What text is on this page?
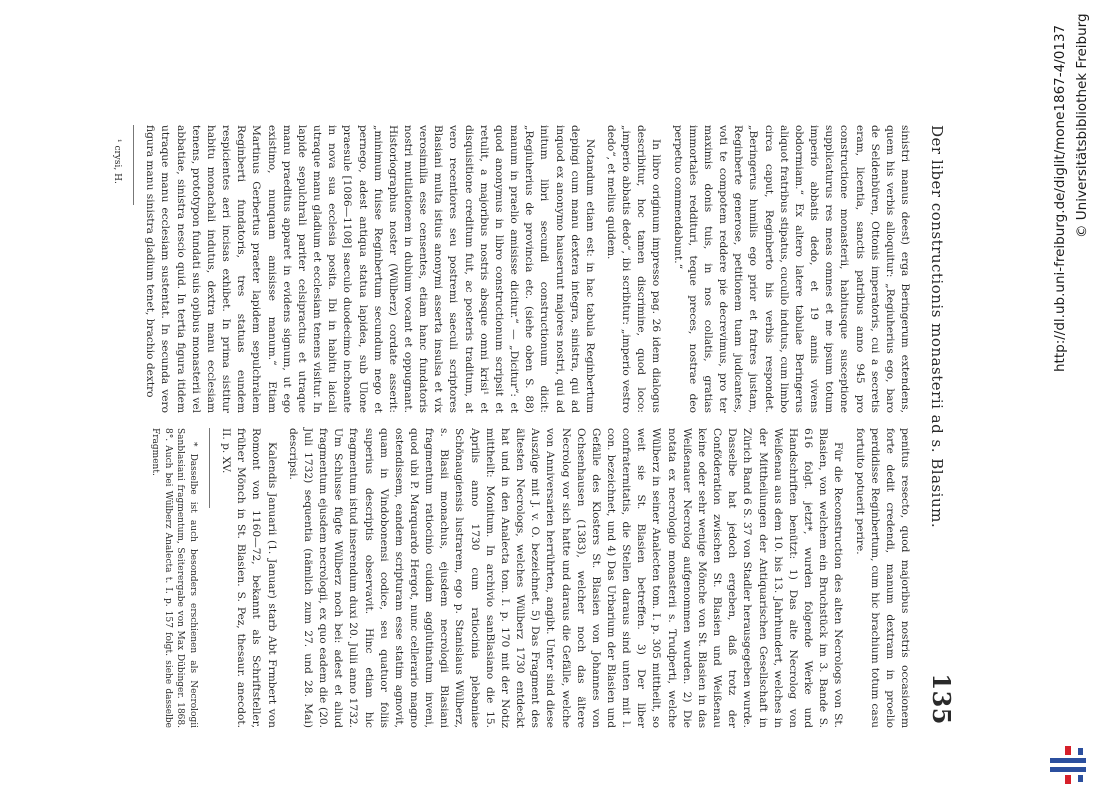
Der liber constructionis monasterii ad s. Blasium.
135

sinistri manus deest) erga Beringerum extendens, quem his verbis alloquitur: „Regiuherius ego, baro de Seldenbüren, Ottonis imperatoris, cui a secretis eram, licentia, sanctis patribus anno 945 pro constructione monasterii, habitusque susceptione supplicaturus res meas omnes et me ipsum totum imperio abbatis dedo, et 19 annis vivens obdormiam.“ Ex altero latere tabulae Beringerus aliquot fratribus stipatus, cucullo indutus, cum limbo circa caput, Reginberto his verbis respondet. „Beringerus humilis ego prior et fratres justam, Reginberte generose, petitionem tuam judicantes, voti te compotem reddere pie decrevimus, pro ter maximis donis tuis, in nos collatis, gratias immortales reddituri, teque preces, nostrae deo perpetuo commendabunt.“

In libro originum impresso pag. 26 idem dialogus describitur, hoc tamen discrimine, quod loco: „imperio abbatis dedo“, ibi scribitur: „imperio vestro dedo“, et melius quidem.

Notandum etiam est: in hac tabula Reginbertum depingi cum manu dextera integra, sinistra, qui ad inquod ex anonymo hauserunt majores nostri, qui ad initum libri secundi constructionum dicit: „Regiuherius de provincia etc. (siehe oben S. 88) manum in praelio amisisse dicitur.“ — „Dicitur“: et quod anonymus in libro constructionum scripsit et retulit, a majoribus nostris absque omni krisi¹ et disquisitione creditum fuit, ac posteris traditum, at vero recentiores seu postremi saeculi scriptores Blasiani multa istius anonymi asserta insulsa et vix verosimilia esse censentes, etiam hanc fundatoris nostri mutilationem in dubium vocant et oppugnant. Historiographus noster (Wülberz) cordate asserit: „minimum fuisse Reginbertum secundum nego et pernego, adest antiqua statua lapidea, sub Ulone praesule [1086—1108] saeculo duodecimo inchoante in nova sua ecclesia posita. Ibi in habitu laicali utraque manu gladium et ecclesiam tenens visitur. In lapide sepulchrali pariter celsipractus et utraque manu praeditus apparet in evidens signum, ut ego existimo, nunquam amisisse manum.“ Etiam Martinus Gerbertus praeter lapidem sepulchralem Reginberti fundatoris, tres statuas eundem respicientes aeri incisas exhibet. In prima sistitur habitu monachali indutus, dextra manu ecclesiam tenens, prototypon fundati suis opibus monasterii vel abbatiae, sinistra nescio quid. In tertia figura itidem utraque manu ecclesiam sustentat. In secunda vero figura manu sinistra gladium tenet, brachio dextro

¹ crysi, H.

penitus resecto, quod majoribus nostris occasionem forte dedit credendi, manum dextram in proelio perdidisse Reginbertum, cum hic brachium totum casu fortuito potuerit perire.

Für die Reconstruction des alten Necrologs von St. Blasien, von welchem ein Bruchstück im 3. Bande S. 616 folgt. jetzt*, wurden folgende Werke und Handschriften benützt: 1) Das alte Necrolog von Weißenau aus dem 10. bis 13. Jahrhundert, welches in der Mittheilungen der Antiquarischen Gesellschaft in Zürich Band 6 S. 37 von Stadler herausgegeben wurde. Dasselbe hat jedoch ergeben, daß trotz der Conföderation zwischen St. Blasien und Weißenau keine oder sehr wenige Mönche von St. Blasien in das Weißenauer Necrolog aufgenommen wurden. 2) Die notata ex necrologio monasterii s. Trudperti, welche Wülberz in seiner Analecten tom. I. p. 305 mittheilt, so weit sie St. Blasien betreffen. 3) Der liber confraternitatis, die Stellen daraus sind unten mit l. con. bezeichnet, und 4) Das Urbarium der Blasien und Gefälle des Klosters St. Blasien von Johannes von Ochsenhausen (1383), welcher noch das ältere Necrolog vor sich hatte und daraus die Gefälle, welche von Anniversarien herrührten, angibt. Unter sind diese Auszüge mit J. v. O. bezeichnet. 5) Das Fragment des ältesten Necrologs, welches Wülberz 1730 entdeckt hat und in den Analecta tom. I. p. 170 mit der Notiz mittheilt: Monitum. In archivio sanBlasiano die 15. Aprilis anno 1730 cum ratiocinia plebaniae Schönaugiensis lustrarem, ego p. Stanislaus Wülberz, s. Blasii monachus, ejusdem necrologii Blasiani fragmentum ratiocinio cuidam agglutinatum inveni, quod ubi P. Marquardo Hergot, nunc cellerario magno ostendissem, eandem scripturam esse statim agnovit, quam in Vindobonensi codice, seu quatuor foliis superius descriptis observavit. Hinc etiam hic fragmentum istud inserendum duxi 20. Julii anno 1732. Um Schlusse fügte Wülberz noch bei: adest et aliud fragmentum ejusdem necrologii, ex quo eadem die (20. Juli 1732) sequentia (nämlich zum 27. und 28. Mai) descripsi.

Kalendis Januarii (1. Januar) starb Abt Frmbert von Romont von 1160—72, bekannt als Schriftsteller, früher Mönch in St. Blasien. S. Pez, thesaur. anecdot. II. p. XV.

* Dasselbe ist auch besonders erschienen als Necrologii Sanblasiani fragmentum, Seiterergabe von Max Dübinger. 1868. 8°. Auch bei Wülberz Analecta t. I. p. 157 folgt. siehe dasselbe Fragment.

http://dl.ub.uni-freiburg.de/diglit/mone1867-4/0137 © Universitätsbibliothek Freiburg
